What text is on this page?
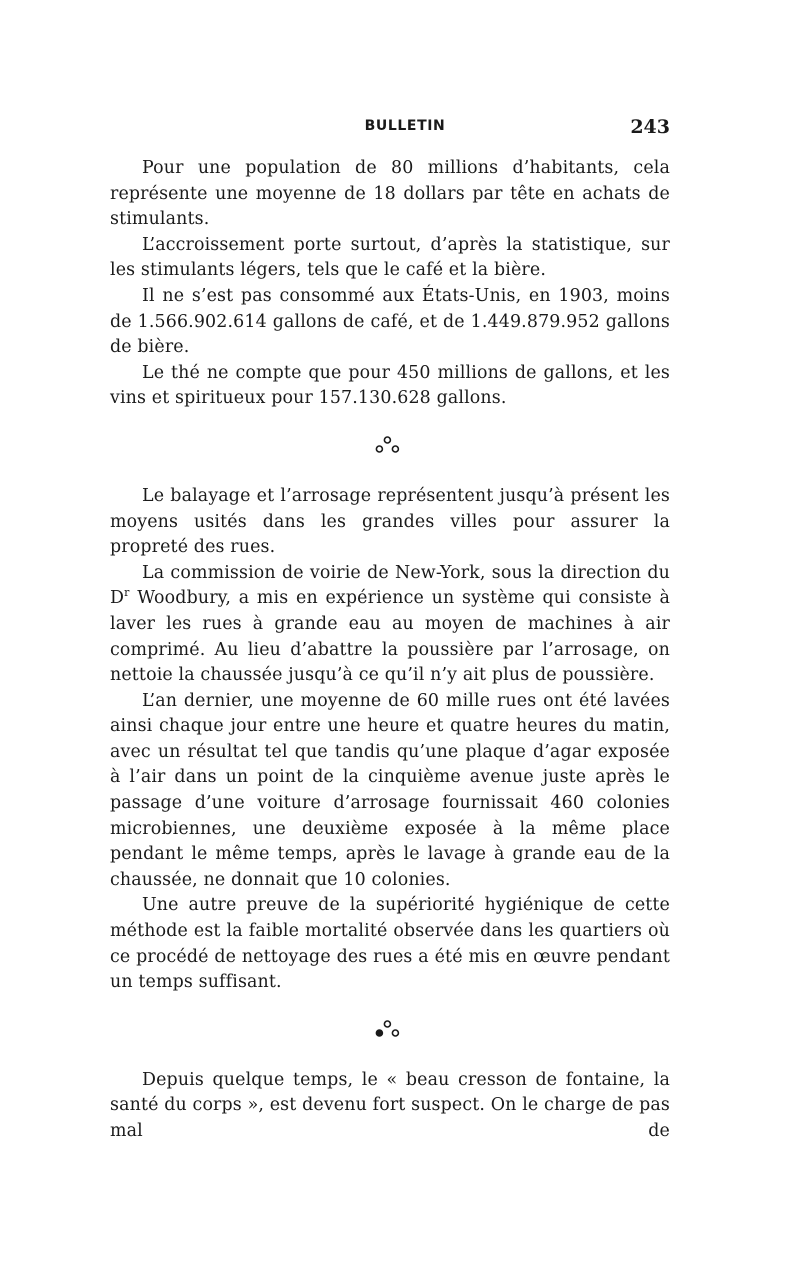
BULLETIN	243

Pour une population de 80 millions d’habitants, cela représente une moyenne de 18 dollars par tête en achats de stimulants.

L’accroissement porte surtout, d’après la statistique, sur les stimulants légers, tels que le café et la bière.

Il ne s’est pas consommé aux États-Unis, en 1903, moins de 1.566.902.614 gallons de café, et de 1.449.879.952 gallons de bière.

Le thé ne compte que pour 450 millions de gallons, et les vins et spiritueux pour 157.130.628 gallons.

Le balayage et l’arrosage représentent jusqu’à présent les moyens usités dans les grandes villes pour assurer la propreté des rues.

La commission de voirie de New-York, sous la direction du $D^r$ Woodbury, a mis en expérience un système qui consiste à laver les rues à grande eau au moyen de machines à air comprimé. Au lieu d’abattre la poussière par l’arrosage, on nettoie la chaussée jusqu’à ce qu’il n’y ait plus de poussière.

L’an dernier, une moyenne de 60 mille rues ont été lavées ainsi chaque jour entre une heure et quatre heures du matin, avec un résultat tel que tandis qu’une plaque d’agar exposée à l’air dans un point de la cinquième avenue juste après le passage d’une voiture d’arrosage fournissait 460 colonies microbiennes, une deuxième exposée à la même place pendant le même temps, après le lavage à grande eau de la chaussée, ne donnait que 10 colonies.

Une autre preuve de la supériorité hygiénique de cette méthode est la faible mortalité observée dans les quartiers où ce procédé de nettoyage des rues a été mis en œuvre pendant un temps suffisant.

Depuis quelque temps, le « beau cresson de fontaine, la santé du corps », est devenu fort suspect. On le charge de pas mal de
